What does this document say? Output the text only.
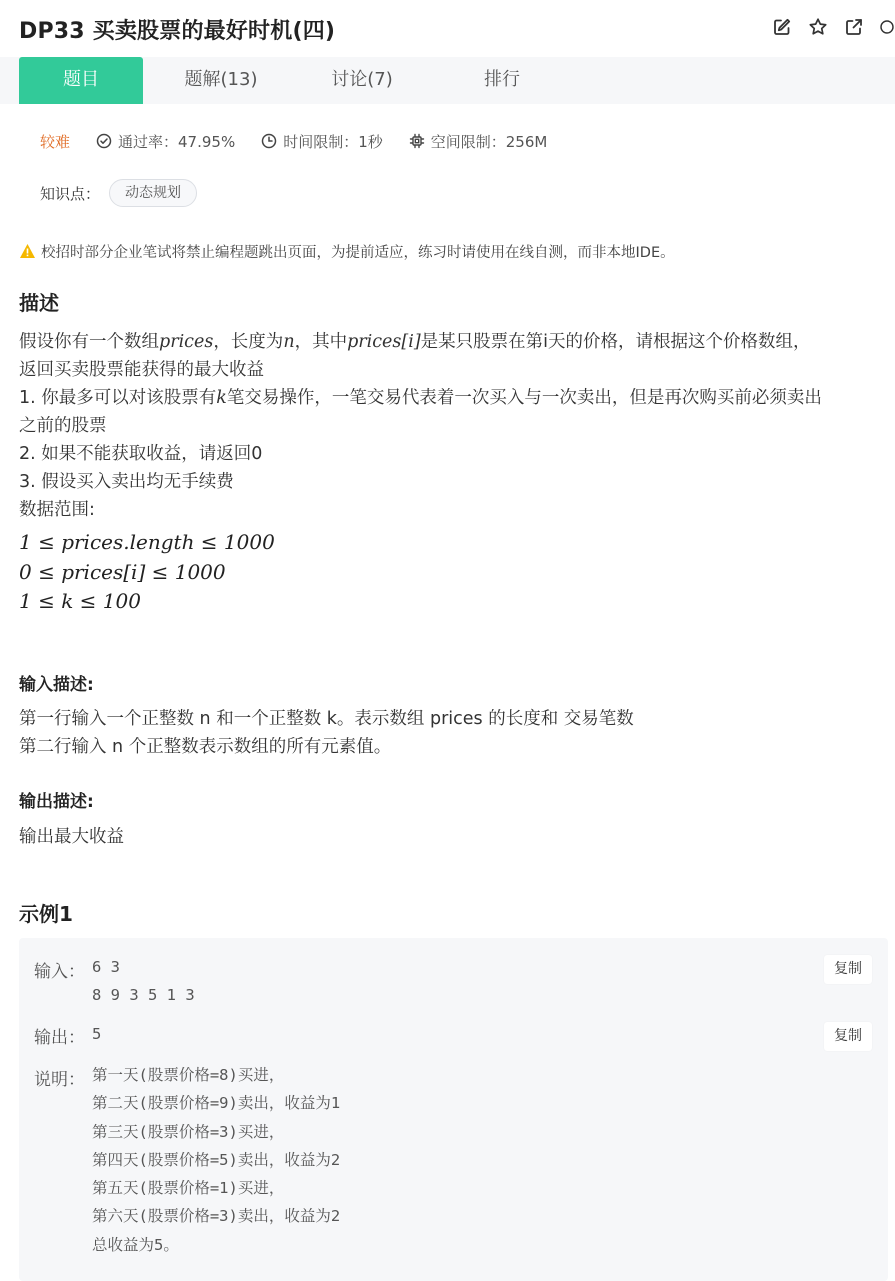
DP33 买卖股票的最好时机(四)
题目	题解(13)	讨论(7)	排行
较难	通过率：47.95%	时间限制：1秒	空间限制：256M
知识点：	动态规划
校招时部分企业笔试将禁止编程题跳出页面，为提前适应，练习时请使用在线自测，而非本地IDE。
描述
假设你有一个数组prices，长度为n，其中prices[i]是某只股票在第i天的价格，请根据这个价格数组，
返回买卖股票能获得的最大收益
1. 你最多可以对该股票有k笔交易操作，一笔交易代表着一次买入与一次卖出，但是再次购买前必须卖出
之前的股票
2. 如果不能获取收益，请返回0
3. 假设买入卖出均无手续费
数据范围:
1 ≤ prices.length ≤ 1000
0 ≤ prices[i] ≤ 1000
1 ≤ k ≤ 100
输入描述:
第一行输入一个正整数 n 和一个正整数 k。表示数组 prices 的长度和 交易笔数
第二行输入 n 个正整数表示数组的所有元素值。
输出描述:
输出最大收益
示例1
输入： 6 3
8 9 3 5 1 3
复制
输出： 5	复制
说明： 第一天(股票价格=8)买进，
第二天(股票价格=9)卖出，收益为1
第三天(股票价格=3)买进，
第四天(股票价格=5)卖出，收益为2
第五天(股票价格=1)买进，
第六天(股票价格=3)卖出，收益为2
总收益为5。
